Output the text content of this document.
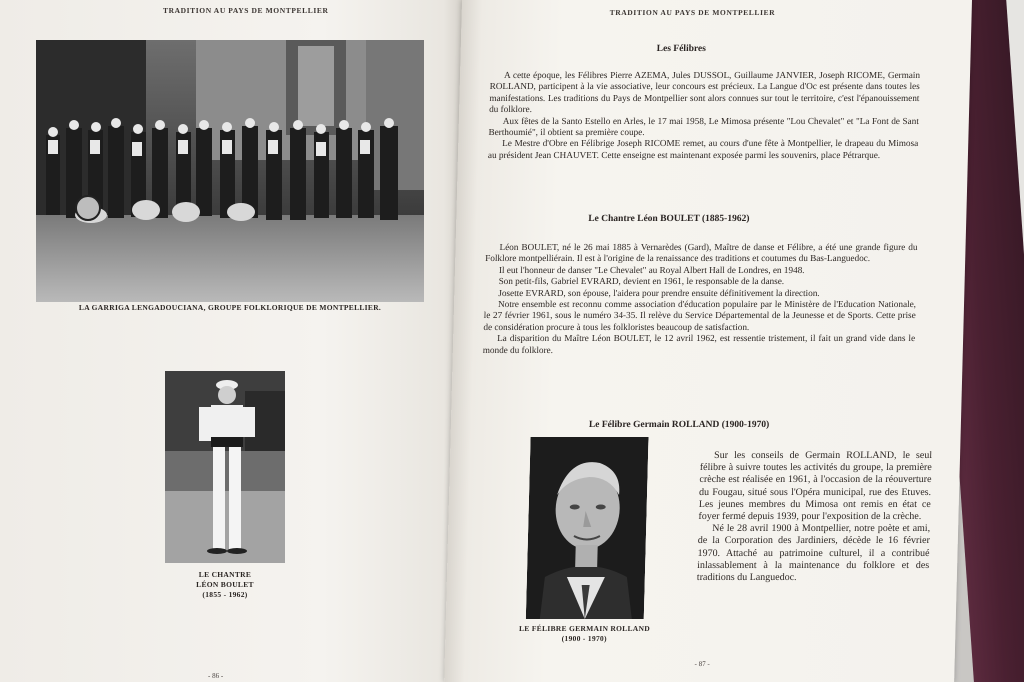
TRADITION AU PAYS DE MONTPELLIER
LA GARRIGA LENGADOUCIANA, GROUPE FOLKLORIQUE DE MONTPELLIER.
LE CHANTRE
LÉON BOULET
(1855 - 1962)
- 86 -
TRADITION AU PAYS DE MONTPELLIER
Les Félibres
A cette époque, les Félibres Pierre AZEMA, Jules DUSSOL, Guillaume JANVIER, Joseph RICOME, Germain ROLLAND, participent à la vie associative, leur concours est précieux. La Langue d'Oc est présente dans toutes les manifestations. Les traditions du Pays de Montpellier sont alors connues sur tout le territoire, c'est l'épanouissement du folklore.
Aux fêtes de la Santo Estello en Arles, le 17 mai 1958, Le Mimosa présente "Lou Chevalet" et "La Font de Sant Berthoumié", il obtient sa première coupe.
Le Mestre d'Obre en Félibrige Joseph RICOME remet, au cours d'une fête à Montpellier, le drapeau du Mimosa au président Jean CHAUVET. Cette enseigne est maintenant exposée parmi les souvenirs, place Pétrarque.
Le Chantre Léon BOULET (1885-1962)
Léon BOULET, né le 26 mai 1885 à Vernarèdes (Gard), Maître de danse et Félibre, a été une grande figure du Folklore montpelliérain. Il est à l'origine de la renaissance des traditions et coutumes du Bas-Languedoc.
Il eut l'honneur de danser "Le Chevalet" au Royal Albert Hall de Londres, en 1948.
Son petit-fils, Gabriel EVRARD, devient en 1961, le responsable de la danse.
Josette EVRARD, son épouse, l'aidera pour prendre ensuite définitivement la direction.
Notre ensemble est reconnu comme association d'éducation populaire par le Ministère de l'Education Nationale, le 27 février 1961, sous le numéro 34-35. Il relève du Service Départemental de la Jeunesse et de Sports. Cette prise de considération procure à tous les folkloristes beaucoup de satisfaction.
La disparition du Maître Léon BOULET, le 12 avril 1962, est ressentie tristement, il fait un grand vide dans le monde du folklore.
Le Félibre Germain ROLLAND (1900-1970)
LE FÉLIBRE GERMAIN ROLLAND
(1900 - 1970)
Sur les conseils de Germain ROLLAND, le seul félibre à suivre toutes les activités du groupe, la première crèche est réalisée en 1961, à l'occasion de la réouverture du Fougau, situé sous l'Opéra municipal, rue des Etuves. Les jeunes membres du Mimosa ont remis en état ce foyer fermé depuis 1939, pour l'exposition de la crèche.
Né le 28 avril 1900 à Montpellier, notre poète et ami, de la Corporation des Jardiniers, décède le 16 février 1970. Attaché au patrimoine culturel, il a contribué inlassablement à la maintenance du folklore et des traditions du Languedoc.
- 87 -
